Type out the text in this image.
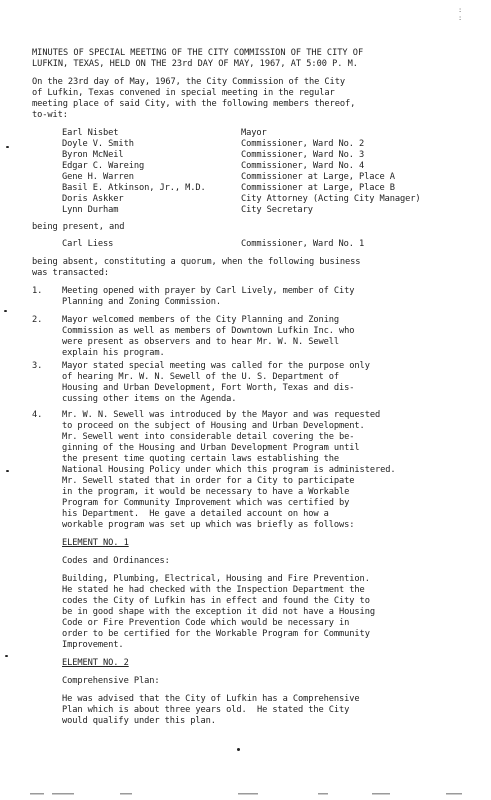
:
:
MINUTES OF SPECIAL MEETING OF THE CITY COMMISSION OF THE CITY OF
LUFKIN, TEXAS, HELD ON THE 23rd DAY OF MAY, 1967, AT 5:00 P. M.
On the 23rd day of May, 1967, the City Commission of the City
of Lufkin, Texas convened in special meeting in the regular
meeting place of said City, with the following members thereof,
to-wit:
Earl Nisbet	Mayor
Doyle V. Smith	Commissioner, Ward No. 2
Byron McNeil	Commissioner, Ward No. 3
Edgar C. Wareing	Commissioner, Ward No. 4
Gene H. Warren	Commissioner at Large, Place A
Basil E. Atkinson, Jr., M.D.	Commissioner at Large, Place B
Doris Askker	City Attorney (Acting City Manager)
Lynn Durham	City Secretary
being present, and
Carl Liess	Commissioner, Ward No. 1
being absent, constituting a quorum, when the following business
was transacted:
1. Meeting opened with prayer by Carl Lively, member of City
Planning and Zoning Commission.
2. Mayor welcomed members of the City Planning and Zoning
Commission as well as members of Downtown Lufkin Inc. who
were present as observers and to hear Mr. W. N. Sewell
explain his program.
3. Mayor stated special meeting was called for the purpose only
of hearing Mr. W. N. Sewell of the U. S. Department of
Housing and Urban Development, Fort Worth, Texas and dis-
cussing other items on the Agenda.
4. Mr. W. N. Sewell was introduced by the Mayor and was requested
to proceed on the subject of Housing and Urban Development.
Mr. Sewell went into considerable detail covering the be-
ginning of the Housing and Urban Development Program until
the present time quoting certain laws establishing the
National Housing Policy under which this program is administered.
Mr. Sewell stated that in order for a City to participate
in the program, it would be necessary to have a Workable
Program for Community Improvement which was certified by
his Department.  He gave a detailed account on how a
workable program was set up which was briefly as follows:
ELEMENT NO. 1
Codes and Ordinances:
Building, Plumbing, Electrical, Housing and Fire Prevention.
He stated he had checked with the Inspection Department the
codes the City of Lufkin has in effect and found the City to
be in good shape with the exception it did not have a Housing
Code or Fire Prevention Code which would be necessary in
order to be certified for the Workable Program for Community
Improvement.
ELEMENT NO. 2
Comprehensive Plan:
He was advised that the City of Lufkin has a Comprehensive
Plan which is about three years old.  He stated the City
would qualify under this plan.
